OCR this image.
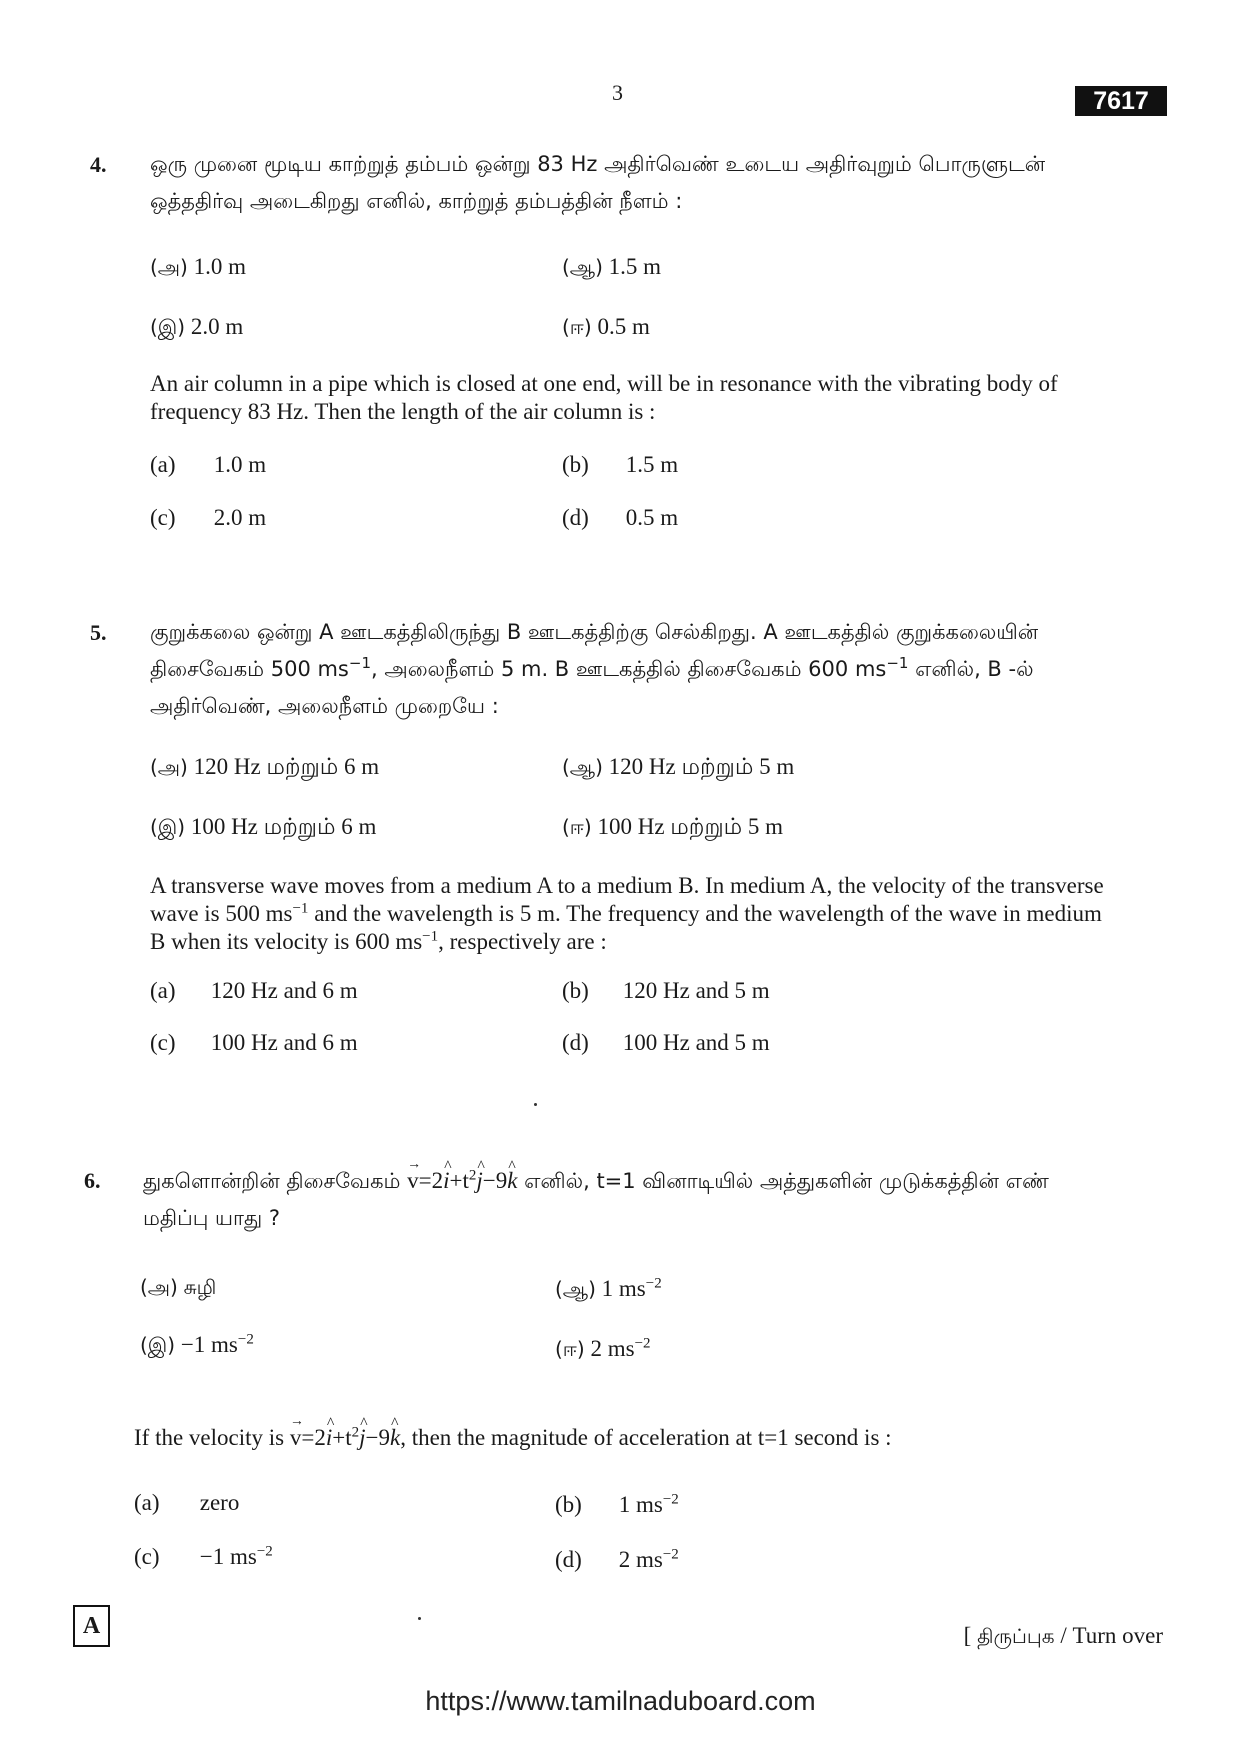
3	7617
4. ஒரு முனை மூடிய காற்றுத் தம்பம் ஒன்று 83 Hz அதிர்வெண் உடைய அதிர்வுறும் பொருளுடன் ஒத்ததிர்வு அடைகிறது எனில், காற்றுத் தம்பத்தின் நீளம் :
(அ) 1.0 m	(ஆ) 1.5 m
(இ) 2.0 m	(ஈ) 0.5 m
An air column in a pipe which is closed at one end, will be in resonance with the vibrating body of frequency 83 Hz. Then the length of the air column is :
(a) 1.0 m	(b) 1.5 m
(c) 2.0 m	(d) 0.5 m
5. குறுக்கலை ஒன்று A ஊடகத்திலிருந்து B ஊடகத்திற்கு செல்கிறது. A ஊடகத்தில் குறுக்கலையின் திசைவேகம் 500 $ms^{-1}$, அலைநீளம் 5 m. B ஊடகத்தில் திசைவேகம் 600 $ms^{-1}$ எனில், B -ல் அதிர்வெண், அலைநீளம் முறையே :
(அ) 120 Hz மற்றும் 6 m	(ஆ) 120 Hz மற்றும் 5 m
(இ) 100 Hz மற்றும் 6 m	(ஈ) 100 Hz மற்றும் 5 m
A transverse wave moves from a medium A to a medium B. In medium A, the velocity of the transverse wave is 500 $ms^{-1}$ and the wavelength is 5 m. The frequency and the wavelength of the wave in medium B when its velocity is 600 $ms^{-1}$, respectively are :
(a) 120 Hz and 6 m	(b) 120 Hz and 5 m
(c) 100 Hz and 6 m	(d) 100 Hz and 5 m
6. துகளொன்றின் திசைவேகம் → v=2^ $i+t^2\^{}$ j−9^ k எனில், t=1 வினாடியில் அத்துகளின் முடுக்கத்தின் எண் மதிப்பு யாது ?
(அ) சுழி	(ஆ) 1 $ms^{-2}$
(இ) −1 $ms^{-2}$	(ஈ) 2 $ms^{-2}$
If the velocity is → v=2^ $i+t^2\^{}$ j−9^ k, then the magnitude of acceleration at t=1 second is :
(a) zero	(b) 1 $ms^{-2}$
(c) −1 $ms^{-2}$	(d) 2 $ms^{-2}$
A	[ திருப்புக / Turn over
https://www.tamilnaduboard.com
